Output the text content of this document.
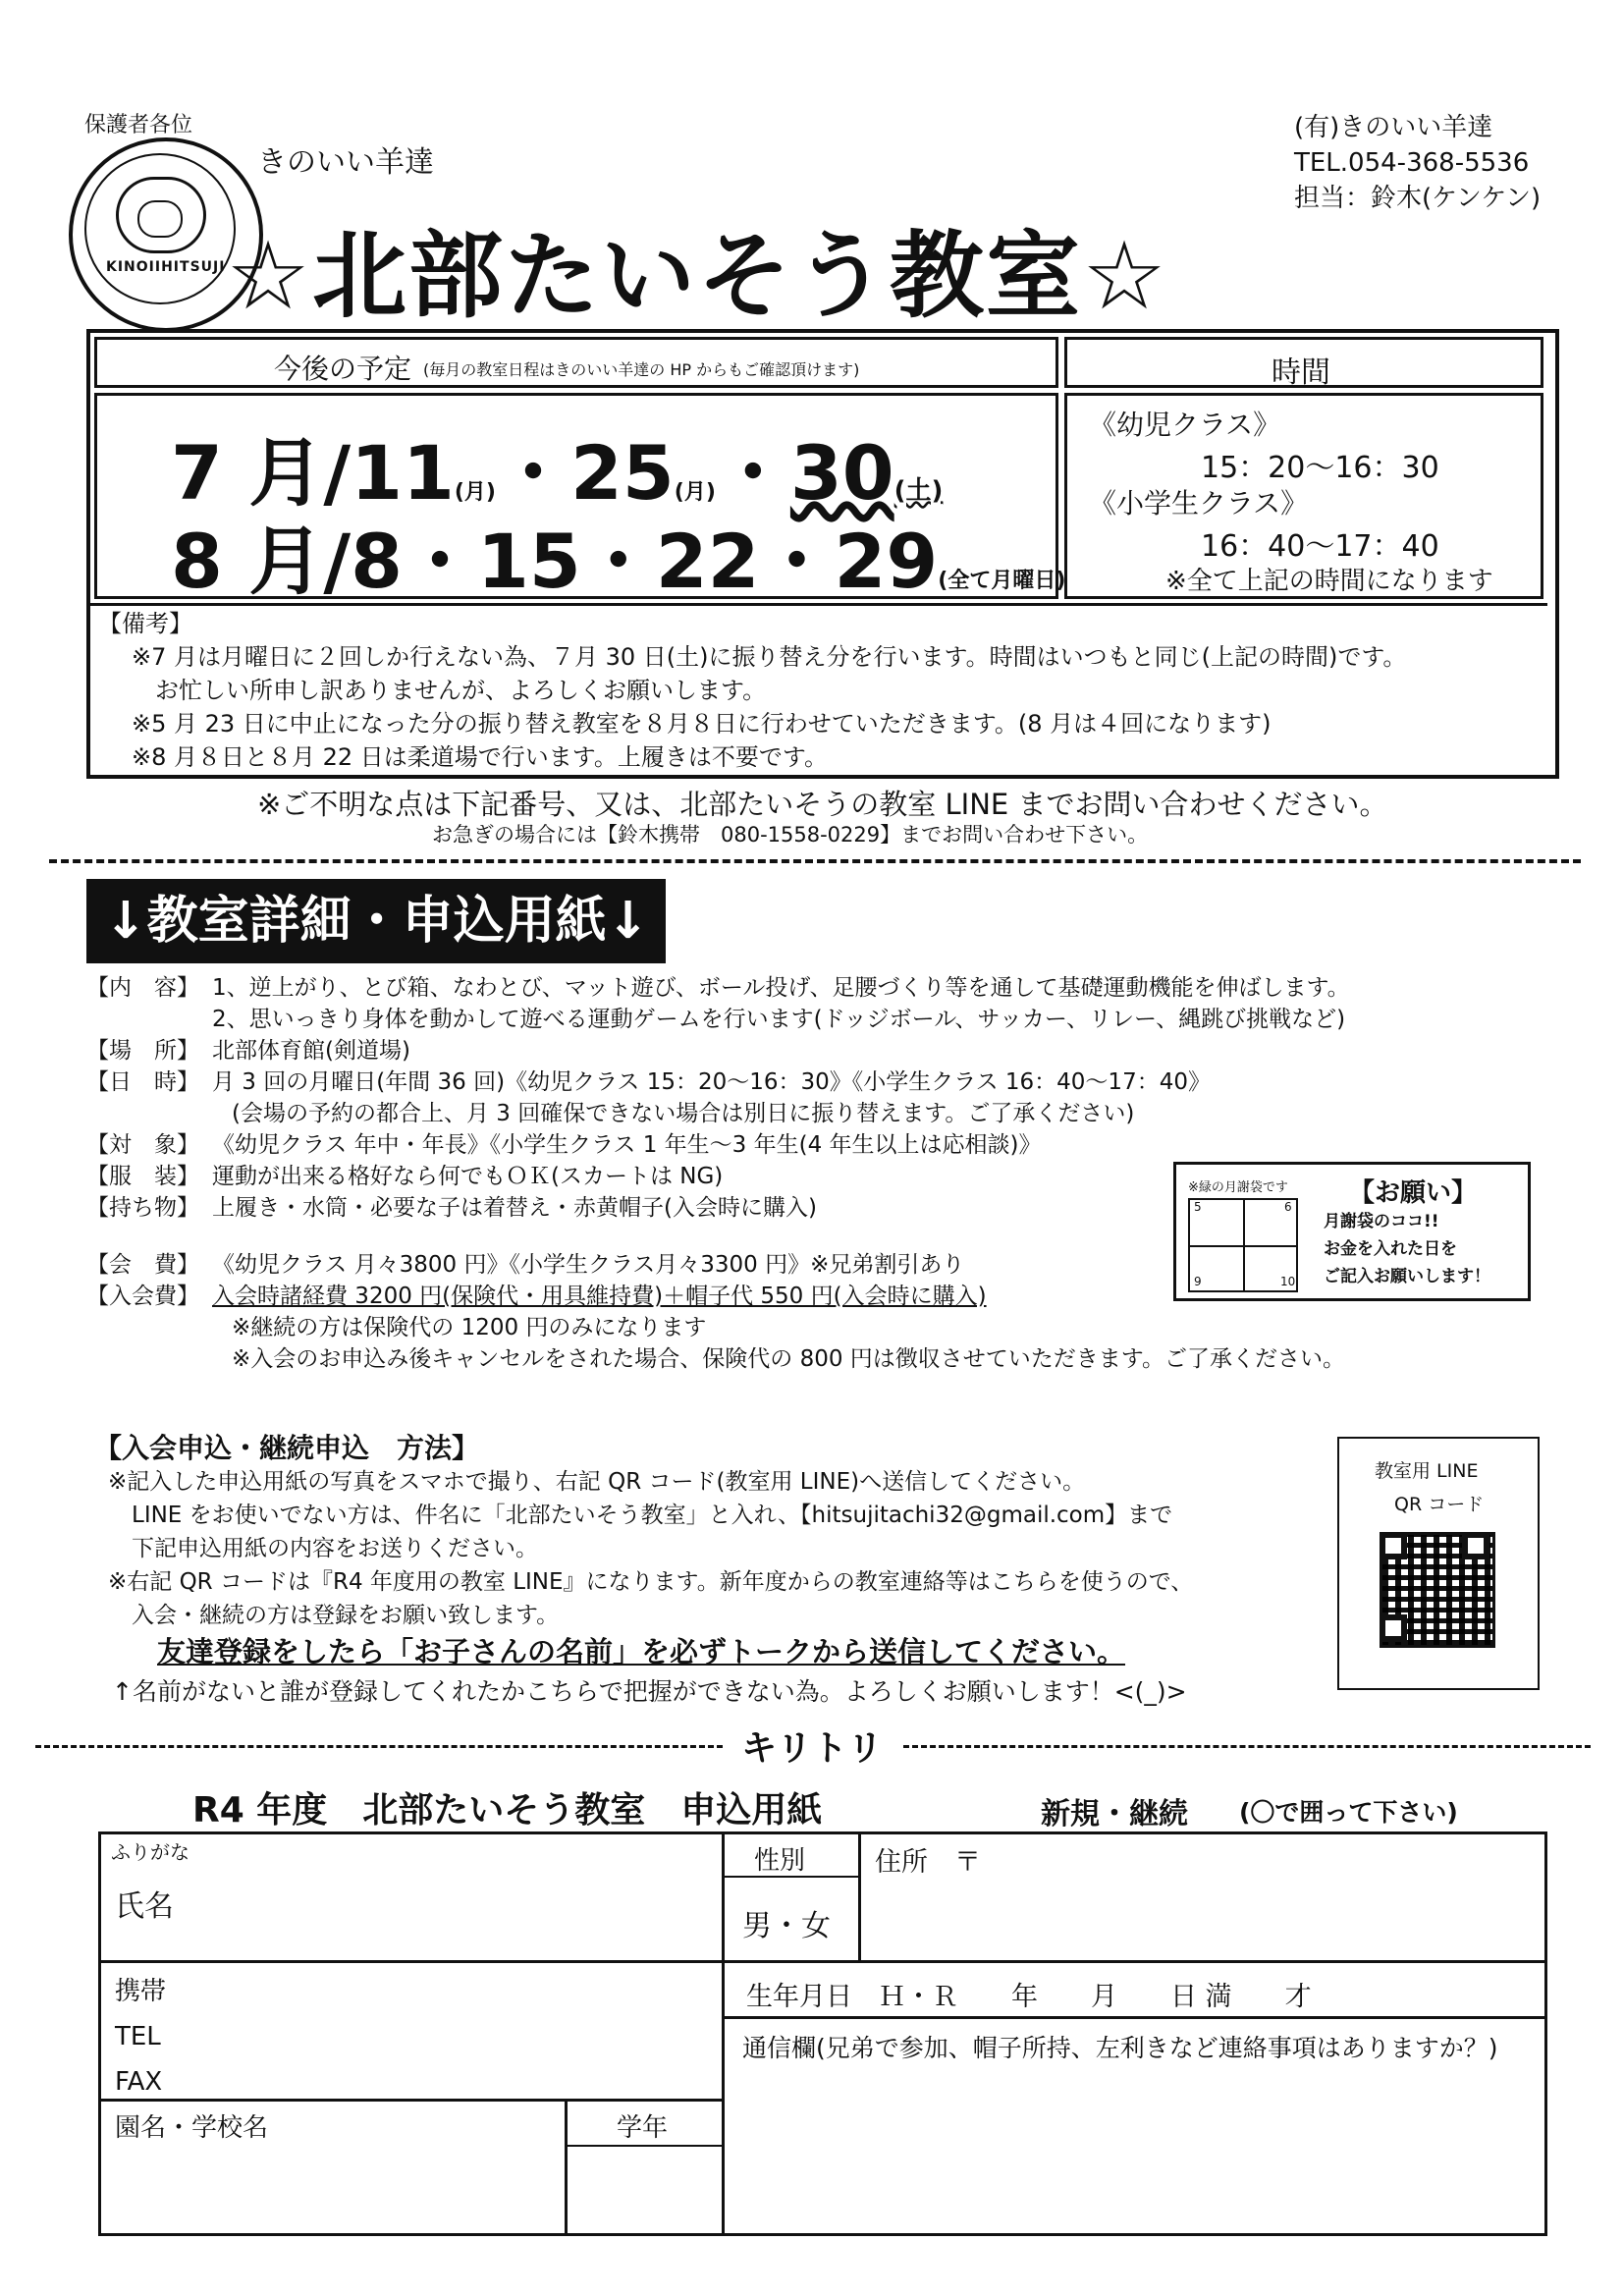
保護者各位
KINOIIHITSUJI
きのいい羊達
☆北部たいそう教室☆
(有)きのいい羊達
TEL.054-368-5536
担当：鈴木(ケンケン)
今後の予定 (毎月の教室日程はきのいい羊達の HP からもご確認頂けます)	時間
7 月/11(月)・25(月)・30(土)
8 月/8・15・22・29(全て月曜日)
《幼児クラス》
15：20～16：30
《小学生クラス》
16：40～17：40
※全て上記の時間になります
【備考】
※7 月は月曜日に２回しか行えない為、７月 30 日(土)に振り替え分を行います。時間はいつもと同じ(上記の時間)です。
お忙しい所申し訳ありませんが、よろしくお願いします。
※5 月 23 日に中止になった分の振り替え教室を８月８日に行わせていただきます。(8 月は４回になります)
※8 月８日と８月 22 日は柔道場で行います。上履きは不要です。
※ご不明な点は下記番号、又は、北部たいそうの教室 LINE までお問い合わせください。
お急ぎの場合には【鈴木携帯　080-1558-0229】までお問い合わせ下さい。
↓教室詳細・申込用紙↓
【内　容】 1、逆上がり、とび箱、なわとび、マット遊び、ボール投げ、足腰づくり等を通して基礎運動機能を伸ばします。
2、思いっきり身体を動かして遊べる運動ゲームを行います(ドッジボール、サッカー、リレー、縄跳び挑戦など)
【場　所】 北部体育館(剣道場)
【日　時】 月 3 回の月曜日(年間 36 回)《幼児クラス 15：20～16：30》《小学生クラス 16：40～17：40》
(会場の予約の都合上、月 3 回確保できない場合は別日に振り替えます。ご了承ください)
【対　象】 《幼児クラス 年中・年長》《小学生クラス 1 年生～3 年生(4 年生以上は応相談)》
【服　装】 運動が出来る格好なら何でもＯＫ(スカートは NG)
【持ち物】 上履き・水筒・必要な子は着替え・赤黄帽子(入会時に購入)
【会　費】 《幼児クラス 月々3800 円》《小学生クラス月々3300 円》※兄弟割引あり
【入会費】 入会時諸経費 3200 円(保険代・用具維持費)＋帽子代 550 円(入会時に購入)
※継続の方は保険代の 1200 円のみになります
※入会のお申込み後キャンセルをされた場合、保険代の 800 円は徴収させていただきます。ご了承ください。
※緑の月謝袋です
5	6
9	10
【お願い】
月謝袋のココ!!
お金を入れた日を
ご記入お願いします！
【入会申込・継続申込　方法】
※記入した申込用紙の写真をスマホで撮り、右記 QR コード(教室用 LINE)へ送信してください。
LINE をお使いでない方は、件名に「北部たいそう教室」と入れ、【hitsujitachi32@gmail.com】まで
下記申込用紙の内容をお送りください。
※右記 QR コードは『R4 年度用の教室 LINE』になります。新年度からの教室連絡等はこちらを使うので、
入会・継続の方は登録をお願い致します。
友達登録をしたら「お子さんの名前」を必ずトークから送信してください。
↑名前がないと誰が登録してくれたかこちらで把握ができない為。よろしくお願いします！<(_)>
教室用 LINE
QR コード
キリトリ
R4 年度　北部たいそう教室　申込用紙	新規・継続 (〇で囲って下さい)
ふりがな
氏名
性別
男・女
住所　〒
携帯
TEL
FAX
生年月日　Ｈ・Ｒ　　年　　月　　日 満　　才
通信欄(兄弟で参加、帽子所持、左利きなど連絡事項はありますか？)
園名・学校名	学年
